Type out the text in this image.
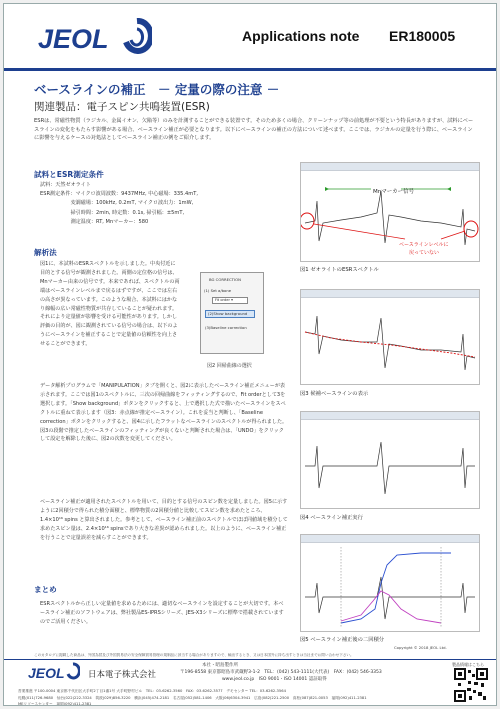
JEOL	Applications note ER180005
ベースラインの補正　－ 定量の際の注意 －
関連製品：電子スピン共鳴装置(ESR)
ESRは、常磁性物質（ラジカル、金属イオン、欠陥等）のみを計測することができる装置です。そのため多くの場合、クリーンナップ等の前処理が不要という特長がありますが、試料にベースラインの変化をもたらす影響がある場合、ベースライン補正が必要となります。以下にベースラインの補正の方法について述べます。ここでは、ラジカルの定量を行う際に、ベースラインに影響を与えるケースの対処法としてベースライン補正の例をご紹介します。
試料とESR測定条件
試料：天然ゼオライト
ESR測定条件：マイクロ波周波数：9437MHz, 中心磁場：335.4mT,
　　　　　　変調磁場：100kHz, 0.2mT, マイクロ波出力：1mW,
　　　　　　掃引時間：2min, 時定数：0.1s, 掃引幅：±5mT,
　　　　　　測定温度：RT, Mnマーカー：580
解析法
図1に、本試料のESRスペクトルを示しました。中央付近に目的とする信号が観測されました。両側の定位格の信号は、Mnマーカー由来の信号です。本来であれば、スペクトルの両端はベースラインレベルまで戻るはずですが、ここでは左右の高さが異なっています。このような場合、本試料にはかなり線幅の広い常磁性物質が共存していることが疑われます。それにより定量値が影響を受ける可能性があります。しかし評価の目的が、図に観測されている信号の場合は、以下のようにベースラインを補正することで定量値の信頼性を向上させることができます。
BG CORRECTION
(1) Set a/bone
Fit order ▾
(2)Show background
(3)Baseline correction
図2 回帰曲線の選択
データ解析プログラムで「MANIPULATION」タブを開くと、図2に表示したベースライン補正メニューが表示されます。ここでは図1のスペクトルに、三次の回帰曲線をフィッティングするので、Fit orderとして3を選択します。「Show background」ボタンをクリックすると、上で選択した式で描いたベースラインをスペクトルに重ねて表示します（図3：赤点線が推定ベースライン）。これを妥当と判断し、「Baseline correction」ボタンをクリックすると、図4に示したフラットなベースラインのスペクトルが得られました。図3の段階で推定したベースラインのフィッティングが良くないと判断された場合は、「UNDO」をクリックして設定を解除した後に、図2の次数を変更してください。
ベースライン補正が適用されたスペクトルを用いて、目的とする信号のスピン数を定量しました。図5に示すように2回積分で得られた積分面積と、標準物質の2回積分値と比較してスピン数を求めたところ、1.4×10¹⁶ spins と算出されました。参考として、ベースライン補正前のスペクトルでほぼ同値域を積分して求めたスピン量は、2.4×10¹⁶ spinsであり大きな差異が認められました。以上のように、ベースライン補正を行うことで定量誤差を減らすことができます。
まとめ
ESRスペクトルから正しい定量値を求めるためには、適切なベースラインを設定することが大切です。本ベースライン補正のソフトウェアは、弊社製品ES-IPRSシリーズ、JES-X3シリーズに標準で搭載されていますのでご活用ください。
Mnマーカー信号
ベースラインレベルに
戻っていない
図1 ゼオライトのESRスペクトル
図3 候補ベースラインの表示
図4 ベースライン補正実行
図5 ベースライン補正後の二回積分
Copyright © 2018 JEOL Ltd.
このカタログに掲載した商品は、外国為替及び外国貿易法の安全保障貿易管理の規制品に該当する場合がありますので、輸出するとき、又は日本国外に持ち出すときは当社までお問い合わせ下さい。
JEOL	日本電子株式会社
本社・昭島製作所
〒196-8558 東京都昭島市武蔵野3-1-2　TEL：(042) 543-1111(大代表)　FAX：(042) 546-3353
www.jeol.co.jp　ISO 9001・ISO 14001 認証取得
営業推進 〒100-0004 東京都千代田区大手町2丁目1番1号 大手町野村ビル　TEL：03-6262-3560　FAX：03-6262-3577　デモセンター TEL：03-6262-3564
札幌(011)726-9680　仙台(022)222-3324　筑波(029)856-3220　横浜(045)474-2181　名古屋(052)581-1406　大阪(06)6304-3941　広島(082)221-2500　高松(087)821-0053　福岡(092)411-2381
MEリソースセンター　福岡(092)411-2381
製品情報はこちら
